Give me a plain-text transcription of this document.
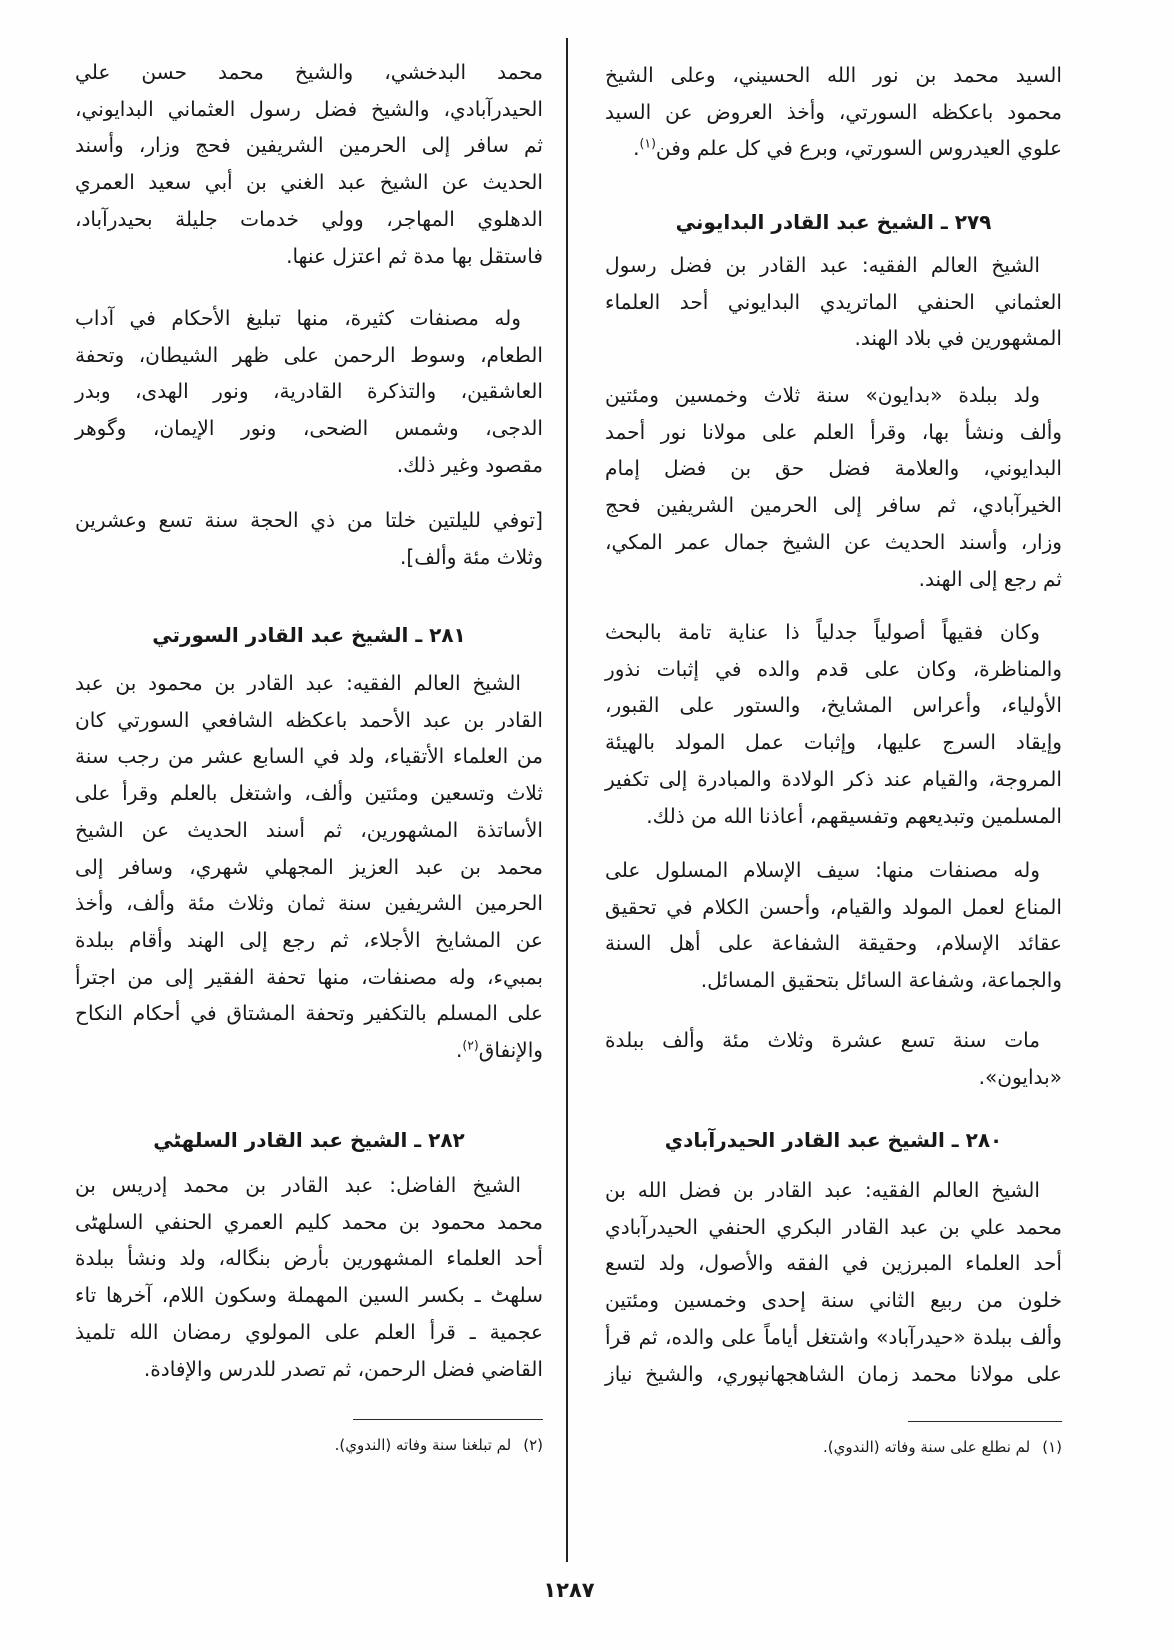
السيد محمد بن نور الله الحسيني، وعلى الشيخ
محمود باعكظه السورتي، وأخذ العروض عن السيد
علوي العيدروس السورتي، وبرع في كل علم وفن$^{(١)}$.
٢٧٩ ـ الشيخ عبد القادر البدايوني
الشيخ العالم الفقيه: عبد القادر بن فضل رسول
العثماني الحنفي الماتريدي البدايوني أحد العلماء
المشهورين في بلاد الهند.
ولد ببلدة «بدايون» سنة ثلاث وخمسين ومئتين
وألف ونشأ بها، وقرأ العلم على مولانا نور أحمد
البدايوني، والعلامة فضل حق بن فضل إمام
الخيرآبادي، ثم سافر إلى الحرمين الشريفين فحج
وزار، وأسند الحديث عن الشيخ جمال عمر المكي،
ثم رجع إلى الهند.
وكان فقيهاً أصولياً جدلياً ذا عناية تامة بالبحث
والمناظرة، وكان على قدم والده في إثبات نذور
الأولياء، وأعراس المشايخ، والستور على القبور،
وإيقاد السرج عليها، وإثبات عمل المولد بالهيئة
المروجة، والقيام عند ذكر الولادة والمبادرة إلى تكفير
المسلمين وتبديعهم وتفسيقهم، أعاذنا الله من ذلك.
وله مصنفات منها: سيف الإسلام المسلول على
المناع لعمل المولد والقيام، وأحسن الكلام في تحقيق
عقائد الإسلام، وحقيقة الشفاعة على أهل السنة
والجماعة، وشفاعة السائل بتحقيق المسائل.
مات سنة تسع عشرة وثلاث مئة وألف ببلدة
«بدايون».
٢٨٠ ـ الشيخ عبد القادر الحيدرآبادي
الشيخ العالم الفقيه: عبد القادر بن فضل الله بن
محمد علي بن عبد القادر البكري الحنفي الحيدرآبادي
أحد العلماء المبرزين في الفقه والأصول، ولد لتسع
خلون من ربيع الثاني سنة إحدى وخمسين ومئتين
وألف ببلدة «حيدرآباد» واشتغل أياماً على والده، ثم قرأ
على مولانا محمد زمان الشاهجهانپوري، والشيخ نياز
(١)لم نطلع على سنة وفاته (الندوي).
محمد البدخشي، والشيخ محمد حسن علي
الحيدرآبادي، والشيخ فضل رسول العثماني البدايوني،
ثم سافر إلى الحرمين الشريفين فحج وزار، وأسند
الحديث عن الشيخ عبد الغني بن أبي سعيد العمري
الدهلوي المهاجر، وولي خدمات جليلة بحيدرآباد،
فاستقل بها مدة ثم اعتزل عنها.
وله مصنفات كثيرة، منها تبليغ الأحكام في آداب
الطعام، وسوط الرحمن على ظهر الشيطان، وتحفة
العاشقين، والتذكرة القادرية، ونور الهدى، وبدر
الدجى، وشمس الضحى، ونور الإيمان، وگوهر
مقصود وغير ذلك.
[توفي لليلتين خلتا من ذي الحجة سنة تسع وعشرين
وثلاث مئة وألف].
٢٨١ ـ الشيخ عبد القادر السورتي
الشيخ العالم الفقيه: عبد القادر بن محمود بن عبد
القادر بن عبد الأحمد باعكظه الشافعي السورتي كان
من العلماء الأتقياء، ولد في السابع عشر من رجب سنة
ثلاث وتسعين ومئتين وألف، واشتغل بالعلم وقرأ على
الأساتذة المشهورين، ثم أسند الحديث عن الشيخ
محمد بن عبد العزيز المجهلي شهري، وسافر إلى
الحرمين الشريفين سنة ثمان وثلاث مئة وألف، وأخذ
عن المشايخ الأجلاء، ثم رجع إلى الهند وأقام ببلدة
بمبيء، وله مصنفات، منها تحفة الفقير إلى من اجترأ
على المسلم بالتكفير وتحفة المشتاق في أحكام النكاح
والإنفاق$^{(٢)}$.
٢٨٢ ـ الشيخ عبد القادر السلهٹي
الشيخ الفاضل: عبد القادر بن محمد إدريس بن
محمد محمود بن محمد كليم العمري الحنفي السلهٹى
أحد العلماء المشهورين بأرض بنگاله، ولد ونشأ ببلدة
سلهٹ ـ بكسر السين المهملة وسكون اللام، آخرها تاء
عجمية ـ قرأ العلم على المولوي رمضان الله تلميذ
القاضي فضل الرحمن، ثم تصدر للدرس والإفادة.
(٢)لم تبلغنا سنة وفاته (الندوي).
١٢٨٧
